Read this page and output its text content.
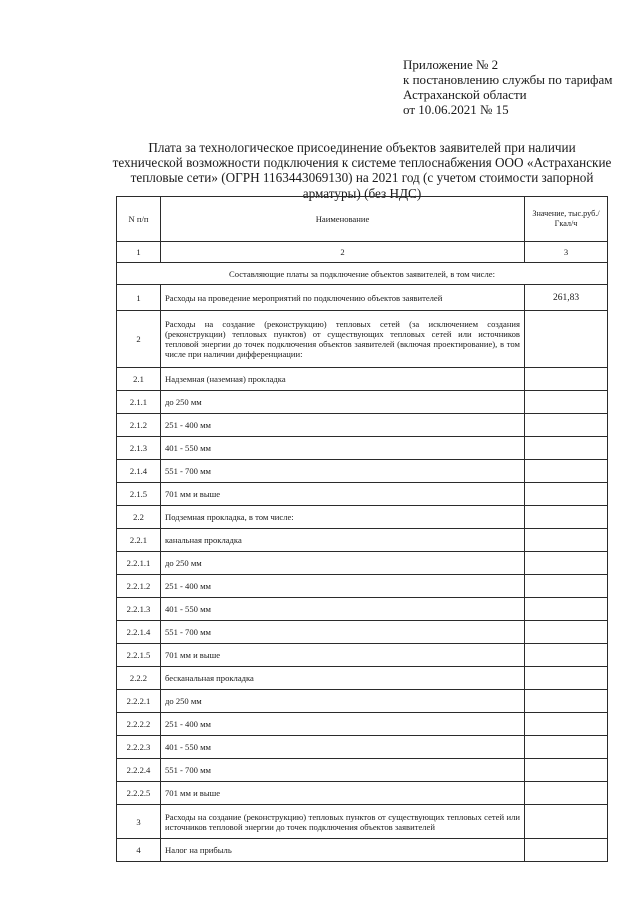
Приложение № 2
к постановлению службы по тарифам
Астраханской области
от 10.06.2021 № 15
Плата за технологическое присоединение объектов заявителей при наличии технической возможности подключения к системе теплоснабжения ООО «Астраханские тепловые сети» (ОГРН 1163443069130) на 2021 год (с учетом стоимости запорной арматуры) (без НДС)
N п/п	Наименование	Значение, тыс.руб./Гкал/ч
1	2	3
Составляющие платы за подключение объектов заявителей, в том числе:		
1	Расходы на проведение мероприятий по подключению объектов заявителей	261,83
2	Расходы на создание (реконструкцию) тепловых сетей (за исключением создания (реконструкции) тепловых пунктов) от существующих тепловых сетей или источников тепловой энергии до точек подключения объектов заявителей (включая проектирование), в том числе при наличии дифференциации:	
2.1	Надземная (наземная) прокладка	
2.1.1	до 250 мм	
2.1.2	251 - 400 мм	
2.1.3	401 - 550 мм	
2.1.4	551 - 700 мм	
2.1.5	701 мм и выше	
2.2	Подземная прокладка, в том числе:	
2.2.1	канальная прокладка	
2.2.1.1	до 250 мм	
2.2.1.2	251 - 400 мм	
2.2.1.3	401 - 550 мм	
2.2.1.4	551 - 700 мм	
2.2.1.5	701 мм и выше	
2.2.2	бесканальная прокладка	
2.2.2.1	до 250 мм	
2.2.2.2	251 - 400 мм	
2.2.2.3	401 - 550 мм	
2.2.2.4	551 - 700 мм	
2.2.2.5	701 мм и выше	
3	Расходы на создание (реконструкцию) тепловых пунктов от существующих тепловых сетей или источников тепловой энергии до точек подключения объектов заявителей	
4	Налог на прибыль	
